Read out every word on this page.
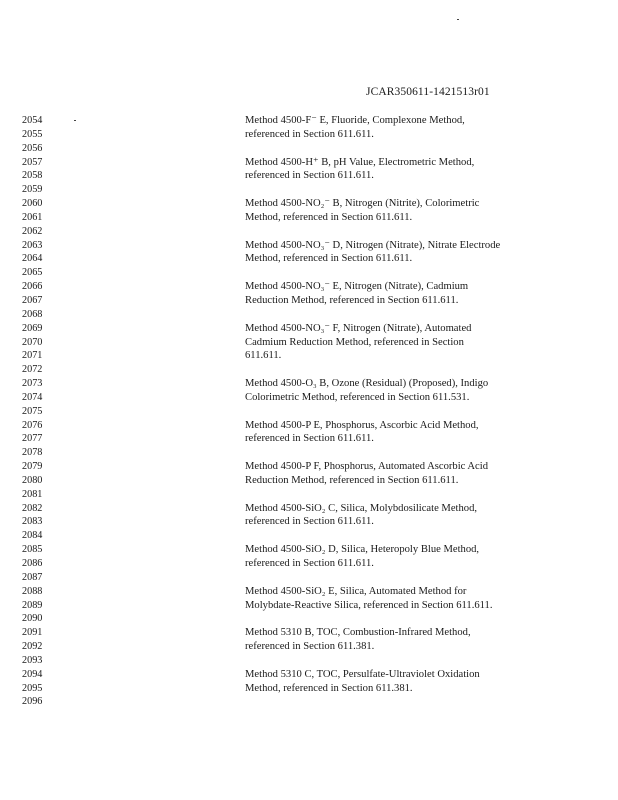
JCAR350611-1421513r01
2054	Method 4500-F⁻ E, Fluoride, Complexone Method,
2055	referenced in Section 611.611.
2056
2057	Method 4500-H⁺ B, pH Value, Electrometric Method,
2058	referenced in Section 611.611.
2059
2060	Method 4500-NO₂⁻ B, Nitrogen (Nitrite), Colorimetric
2061	Method, referenced in Section 611.611.
2062
2063	Method 4500-NO₃⁻ D, Nitrogen (Nitrate), Nitrate Electrode
2064	Method, referenced in Section 611.611.
2065
2066	Method 4500-NO₃⁻ E, Nitrogen (Nitrate), Cadmium
2067	Reduction Method, referenced in Section 611.611.
2068
2069	Method 4500-NO₃⁻ F, Nitrogen (Nitrate), Automated
2070	Cadmium Reduction Method, referenced in Section
2071	611.611.
2072
2073	Method 4500-O₃ B, Ozone (Residual) (Proposed), Indigo
2074	Colorimetric Method, referenced in Section 611.531.
2075
2076	Method 4500-P E, Phosphorus, Ascorbic Acid Method,
2077	referenced in Section 611.611.
2078
2079	Method 4500-P F, Phosphorus, Automated Ascorbic Acid
2080	Reduction Method, referenced in Section 611.611.
2081
2082	Method 4500-SiO₂ C, Silica, Molybdosilicate Method,
2083	referenced in Section 611.611.
2084
2085	Method 4500-SiO₂ D, Silica, Heteropoly Blue Method,
2086	referenced in Section 611.611.
2087
2088	Method 4500-SiO₂ E, Silica, Automated Method for
2089	Molybdate-Reactive Silica, referenced in Section 611.611.
2090
2091	Method 5310 B, TOC, Combustion-Infrared Method,
2092	referenced in Section 611.381.
2093
2094	Method 5310 C, TOC, Persulfate-Ultraviolet Oxidation
2095	Method, referenced in Section 611.381.
2096
